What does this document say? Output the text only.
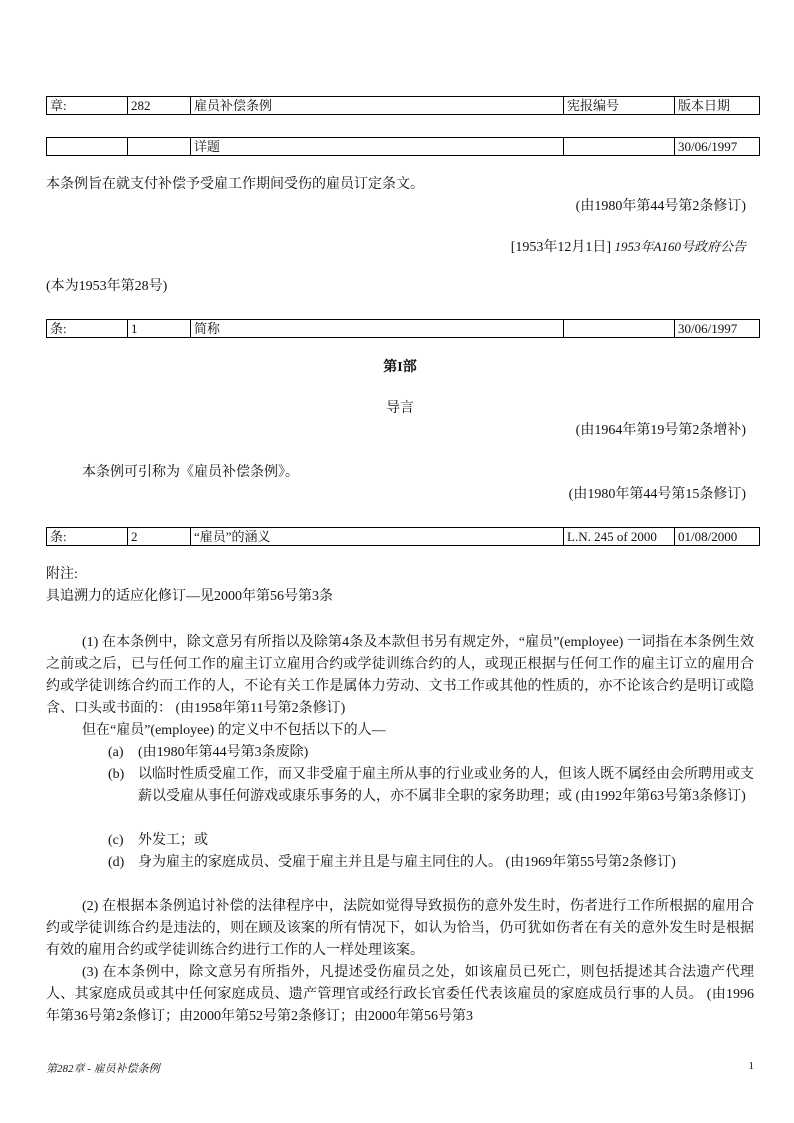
章:	282	雇员补偿条例	宪报编号	版本日期
		详题		30/06/1997

本条例旨在就支付补偿予受雇工作期间受伤的雇员订定条文。

(由1980年第44号第2条修订)

[1953年12月1日] 1953年A160号政府公告

(本为1953年第28号)

条:	1	简称		30/06/1997

第I部

导言

(由1964年第19号第2条增补)

本条例可引称为《雇员补偿条例》。

(由1980年第44号第15条修订)

条:	2	“雇员”的涵义	L.N. 245 of 2000	01/08/2000

附注:

具追溯力的适应化修订—见2000年第56号第3条

(1) 在本条例中，除文意另有所指以及除第4条及本款但书另有规定外，“雇员”(employee) 一词指在本条例生效之前或之后，已与任何工作的雇主订立雇用合约或学徒训练合约的人，或现正根据与任何工作的雇主订立的雇用合约或学徒训练合约而工作的人，不论有关工作是属体力劳动、文书工作或其他的性质的，亦不论该合约是明订或隐含、口头或书面的： (由1958年第11号第2条修订)

但在“雇员”(employee) 的定义中不包括以下的人—

(a)	(由1980年第44号第3条废除)
(b) 以临时性质受雇工作，而又非受雇于雇主所从事的行业或业务的人，但该人既不属经由会所聘用或支薪以受雇从事任何游戏或康乐事务的人，亦不属非全职的家务助理；或 (由1992年第63号第3条修订)
(c)	外发工；或
(d) 身为雇主的家庭成员、受雇于雇主并且是与雇主同住的人。 (由1969年第55号第2条修订)

(2) 在根据本条例追讨补偿的法律程序中，法院如觉得导致损伤的意外发生时，伤者进行工作所根据的雇用合约或学徒训练合约是违法的，则在顾及该案的所有情况下，如认为恰当，仍可犹如伤者在有关的意外发生时是根据有效的雇用合约或学徒训练合约进行工作的人一样处理该案。

(3) 在本条例中，除文意另有所指外，凡提述受伤雇员之处，如该雇员已死亡，则包括提述其合法遗产代理人、其家庭成员或其中任何家庭成员、遗产管理官或经行政长官委任代表该雇员的家庭成员行事的人员。 (由1996年第36号第2条修订；由2000年第52号第2条修订；由2000年第56号第3

第282章 - 雇员补偿条例	1
